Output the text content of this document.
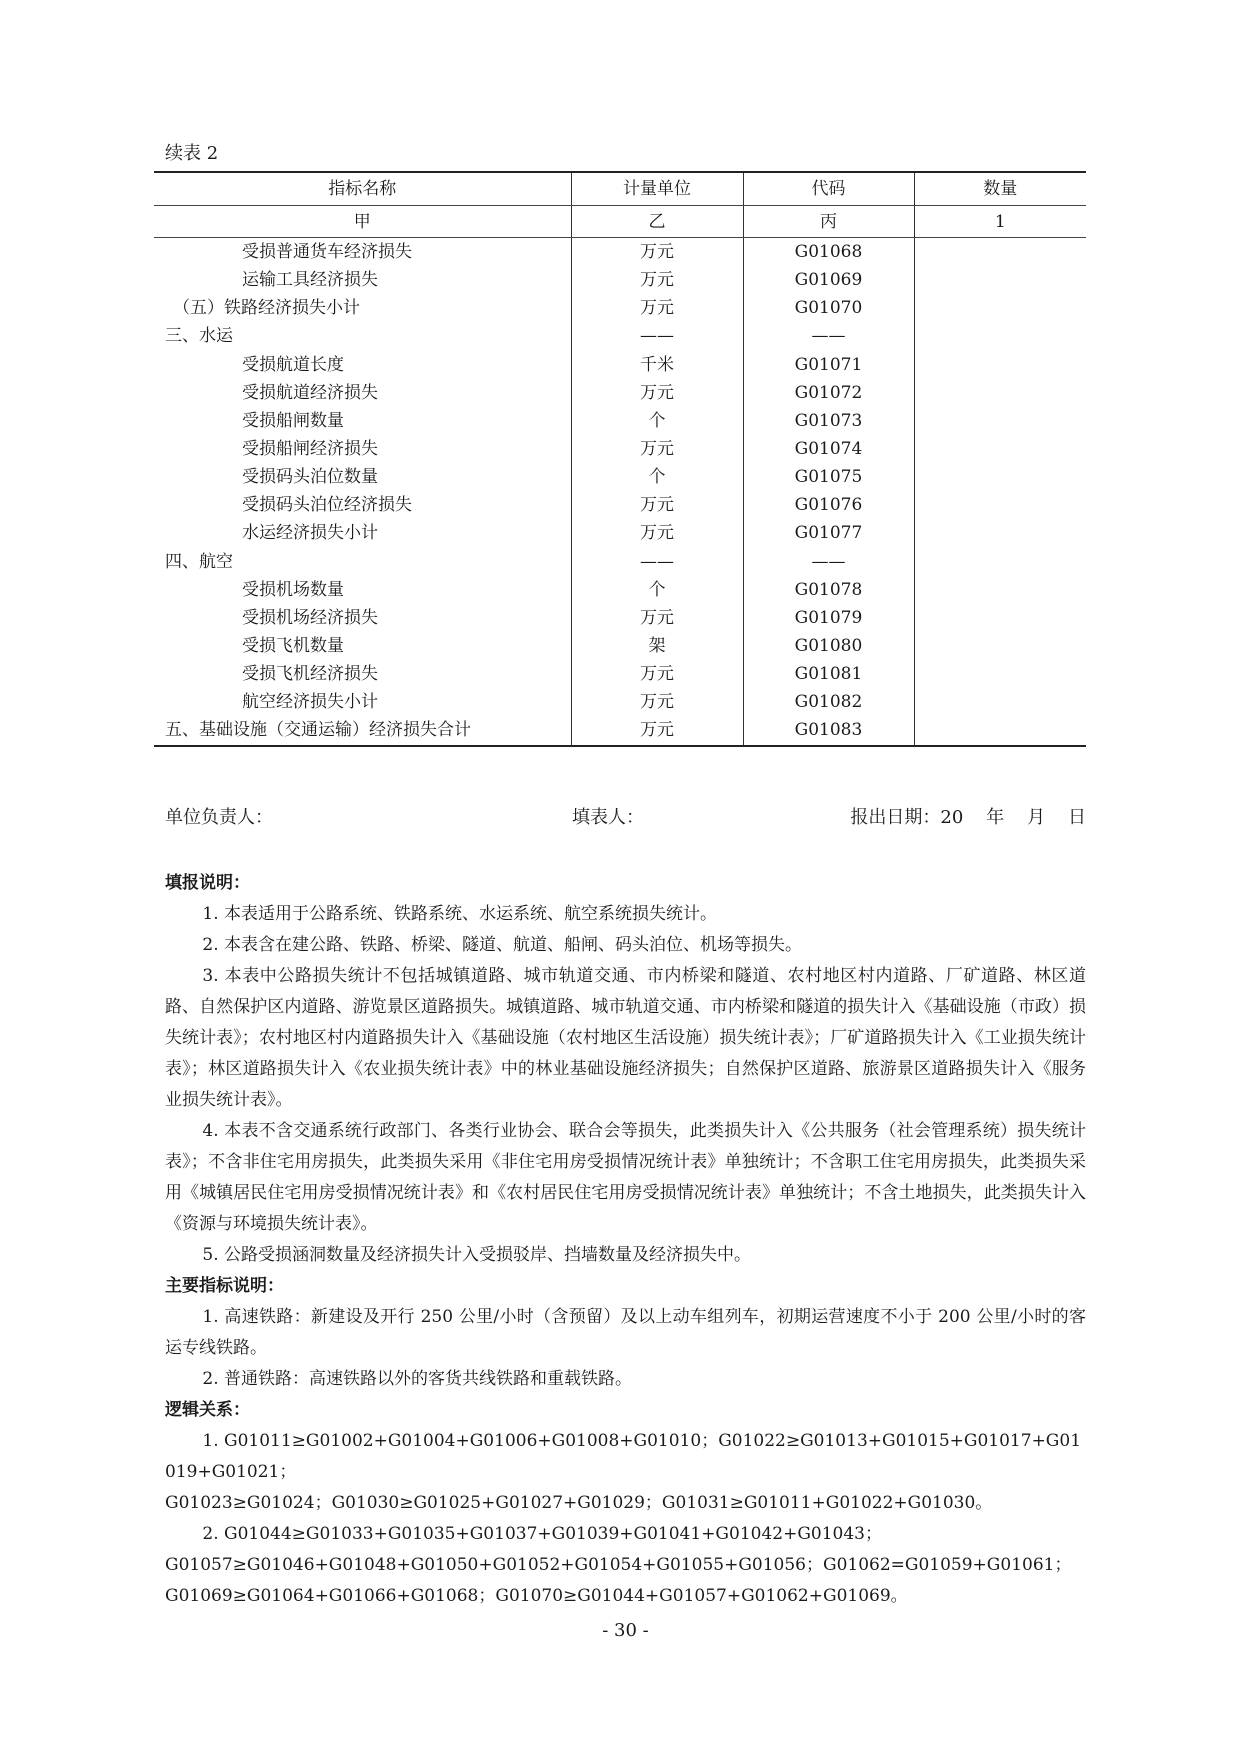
续表 2
指标名称	计量单位	代码	数量
甲	乙	丙	1
受损普通货车经济损失	万元	G01068	
运输工具经济损失	万元	G01069	
（五）铁路经济损失小计	万元	G01070	
三、水运	——	——	
受损航道长度	千米	G01071	
受损航道经济损失	万元	G01072	
受损船闸数量	个	G01073	
受损船闸经济损失	万元	G01074	
受损码头泊位数量	个	G01075	
受损码头泊位经济损失	万元	G01076	
水运经济损失小计	万元	G01077	
四、航空	——	——	
受损机场数量	个	G01078	
受损机场经济损失	万元	G01079	
受损飞机数量	架	G01080	
受损飞机经济损失	万元	G01081	
航空经济损失小计	万元	G01082	
五、基础设施（交通运输）经济损失合计	万元	G01083	
单位负责人：	填表人：	报出日期：20    年    月    日
填报说明：

1. 本表适用于公路系统、铁路系统、水运系统、航空系统损失统计。

2. 本表含在建公路、铁路、桥梁、隧道、航道、船闸、码头泊位、机场等损失。

3. 本表中公路损失统计不包括城镇道路、城市轨道交通、市内桥梁和隧道、农村地区村内道路、厂矿道路、林区道路、自然保护区内道路、游览景区道路损失。城镇道路、城市轨道交通、市内桥梁和隧道的损失计入《基础设施（市政）损失统计表》；农村地区村内道路损失计入《基础设施（农村地区生活设施）损失统计表》；厂矿道路损失计入《工业损失统计表》；林区道路损失计入《农业损失统计表》中的林业基础设施经济损失；自然保护区道路、旅游景区道路损失计入《服务业损失统计表》。

4. 本表不含交通系统行政部门、各类行业协会、联合会等损失，此类损失计入《公共服务（社会管理系统）损失统计表》；不含非住宅用房损失，此类损失采用《非住宅用房受损情况统计表》单独统计；不含职工住宅用房损失，此类损失采用《城镇居民住宅用房受损情况统计表》和《农村居民住宅用房受损情况统计表》单独统计；不含土地损失，此类损失计入《资源与环境损失统计表》。

5. 公路受损涵洞数量及经济损失计入受损驳岸、挡墙数量及经济损失中。

主要指标说明：

1. 高速铁路：新建设及开行 250 公里/小时（含预留）及以上动车组列车，初期运营速度不小于 200 公里/小时的客运专线铁路。

2. 普通铁路：高速铁路以外的客货共线铁路和重载铁路。

逻辑关系：

1. G01011≥G01002+G01004+G01006+G01008+G01010；G01022≥G01013+G01015+G01017+G01019+G01021；

G01023≥G01024；G01030≥G01025+G01027+G01029；G01031≥G01011+G01022+G01030。

2. G01044≥G01033+G01035+G01037+G01039+G01041+G01042+G01043；

G01057≥G01046+G01048+G01050+G01052+G01054+G01055+G01056；G01062=G01059+G01061；

G01069≥G01064+G01066+G01068；G01070≥G01044+G01057+G01062+G01069。

- 30 -
